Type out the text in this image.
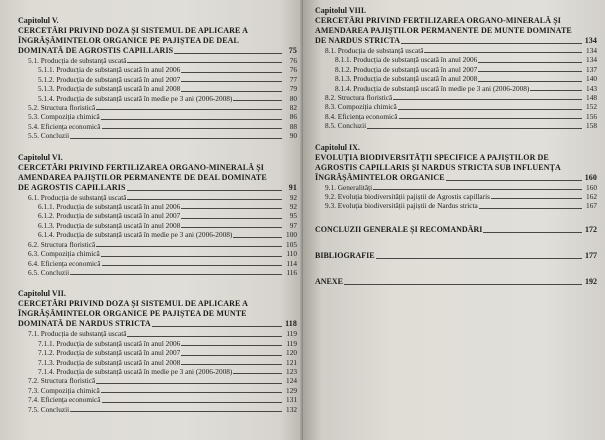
Capitolul V.
CERCETĂRI PRIVIND DOZA ȘI SISTEMUL DE APLICARE A
ÎNGRĂȘĂMINTELOR ORGANICE PE PAJIȘTEA DE DEAL
DOMINATĂ DE AGROSTIS CAPILLARIS	75
5.1. Producția de substanță uscată	76
5.1.1. Producția de substanță uscată în anul 2006	76
5.1.2. Producția de substanță uscată în anul 2007	77
5.1.3. Producția de substanță uscată în anul 2008	79
5.1.4. Producția de substanță uscată în medie pe 3 ani (2006-2008)	80
5.2. Structura floristică	82
5.3. Compoziția chimică	86
5.4. Eficiența economică	88
5.5. Concluzii	90
Capitolul VI.
CERCETĂRI PRIVIND FERTILIZAREA ORGANO-MINERALĂ ȘI
AMENDAREA PAJIȘTILOR PERMANENTE DE DEAL DOMINATE
DE AGROSTIS CAPILLARIS	91
6.1. Producția de substanță uscată	92
6.1.1. Producția de substanță uscată în anul 2006	92
6.1.2. Producția de substanță uscată în anul 2007	95
6.1.3. Producția de substanță uscată în anul 2008	97
6.1.4. Producția de substanță uscată în medie pe 3 ani (2006-2008)	100
6.2. Structura floristică	105
6.3. Compoziția chimică	110
6.4. Eficiența economică	114
6.5. Concluzii	116
Capitolul VII.
CERCETĂRI PRIVIND DOZA ȘI SISTEMUL DE APLICARE A
ÎNGRĂȘĂMINTELOR ORGANICE PE PAJIȘTEA DE MUNTE
DOMINATĂ DE NARDUS STRICTA	118
7.1. Producția de substanță uscată	119
7.1.1. Producția de substanță uscată în anul 2006	119
7.1.2. Producția de substanță uscată în anul 2007	120
7.1.3. Producția de substanță uscată în anul 2008	121
7.1.4. Producția de substanță uscată în medie pe 3 ani (2006-2008)	123
7.2. Structura floristică	124
7.3. Compoziția chimică	129
7.4. Eficiența economică	131
7.5. Concluzii	132
Capitolul VIII.
CERCETĂRI PRIVIND FERTILIZAREA ORGANO-MINERALĂ ȘI
AMENDAREA PAJIȘTILOR PERMANENTE DE MUNTE DOMINATE
DE NARDUS STRICTA	134
8.1. Producția de substanță uscată	134
8.1.1. Producția de substanță uscată în anul 2006	134
8.1.2. Producția de substanță uscată în anul 2007	137
8.1.3. Producția de substanță uscată în anul 2008	140
8.1.4. Producția de substanță uscată în medie pe 3 ani (2006-2008)	143
8.2. Structura floristică	148
8.3. Compoziția chimică	152
8.4. Eficiența economică	156
8.5. Concluzii	158
Capitolul IX.
EVOLUȚIA BIODIVERSITĂȚII SPECIFICE A PAJIȘTILOR DE
AGROSTIS CAPILLARIS ȘI NARDUS STRICTA SUB INFLUENȚA
ÎNGRĂȘĂMINTELOR ORGANICE	160
9.1. Generalități	160
9.2. Evoluția biodiversității pajiștii de Agrostis capillaris	162
9.3. Evoluția biodiversității pajiștii de Nardus stricta	167
CONCLUZII GENERALE ȘI RECOMANDĂRI	172
BIBLIOGRAFIE	177
ANEXE	192
